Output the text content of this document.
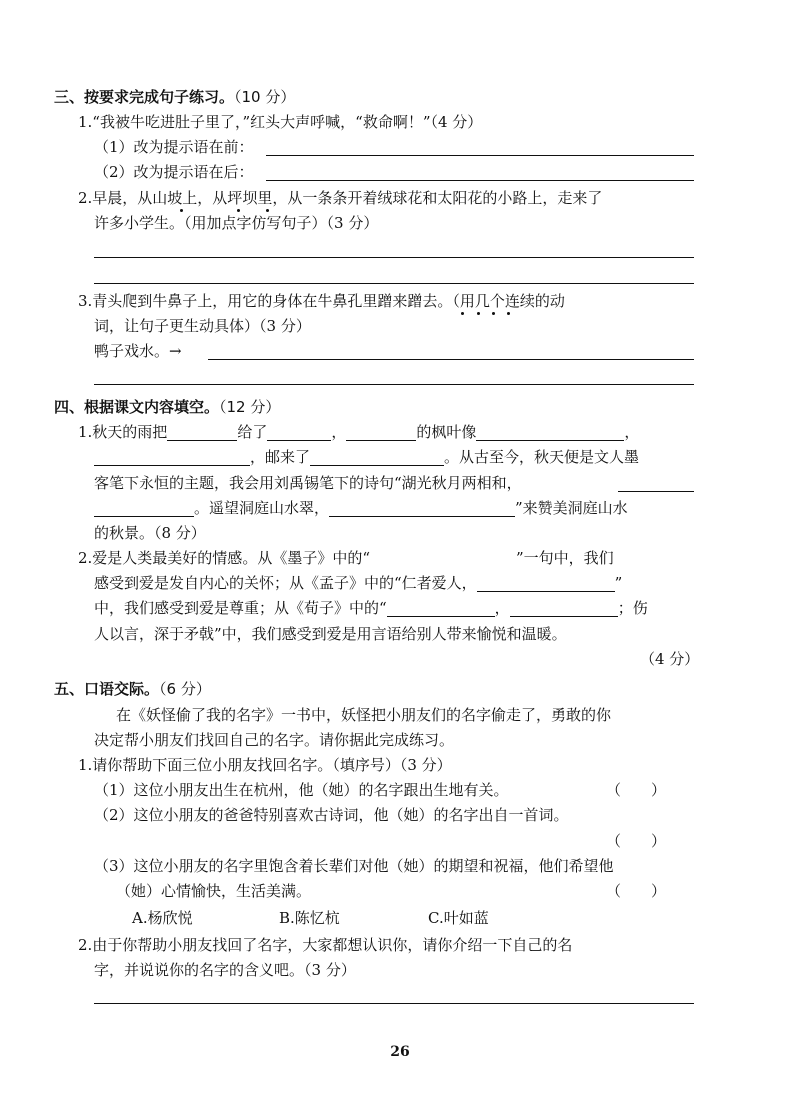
三、按要求完成句子练习。（10 分）
1.“我被牛吃进肚子里了，”红头大声呼喊，“救命啊！”（4 分）
（1）改为提示语在前：
（2）改为提示语在后：
2.早晨，从山坡上，从坪坝里，从一条条开着绒球花和太阳花的小路上，走来了
许多小学生。（用加点字仿写句子）（3 分）
3.青头爬到牛鼻子上，用它的身体在牛鼻孔里蹭来蹭去。（用几个连续的动
词，让句子更生动具体）（3 分）
鸭子戏水。→
四、根据课文内容填空。（12 分）
1.秋天的雨把	给了	，	的枫叶像	，
，邮来了	。从古至今，秋天便是文人墨
客笔下永恒的主题，我会用刘禹锡笔下的诗句“湖光秋月两相和，
。遥望洞庭山水翠，	”来赞美洞庭山水
的秋景。（8 分）
2.爱是人类最美好的情感。从《墨子》中的“	”一句中，我们
感受到爱是发自内心的关怀；从《孟子》中的“仁者爱人，	”
中，我们感受到爱是尊重；从《荀子》中的“	，	；伤
人以言，深于矛戟”中，我们感受到爱是用言语给别人带来愉悦和温暖。
（4 分）
五、口语交际。（6 分）
在《妖怪偷了我的名字》一书中，妖怪把小朋友们的名字偷走了，勇敢的你
决定帮小朋友们找回自己的名字。请你据此完成练习。
1.请你帮助下面三位小朋友找回名字。（填序号）（3 分）
（1）这位小朋友出生在杭州，他（她）的名字跟出生地有关。	（　　）
（2）这位小朋友的爸爸特别喜欢古诗词，他（她）的名字出自一首词。
（　　）
（3）这位小朋友的名字里饱含着长辈们对他（她）的期望和祝福，他们希望他
（她）心情愉快，生活美满。	（　　）
A.杨欣悦	B.陈忆杭	C.叶如蓝
2.由于你帮助小朋友找回了名字，大家都想认识你，请你介绍一下自己的名
字，并说说你的名字的含义吧。（3 分）
26
